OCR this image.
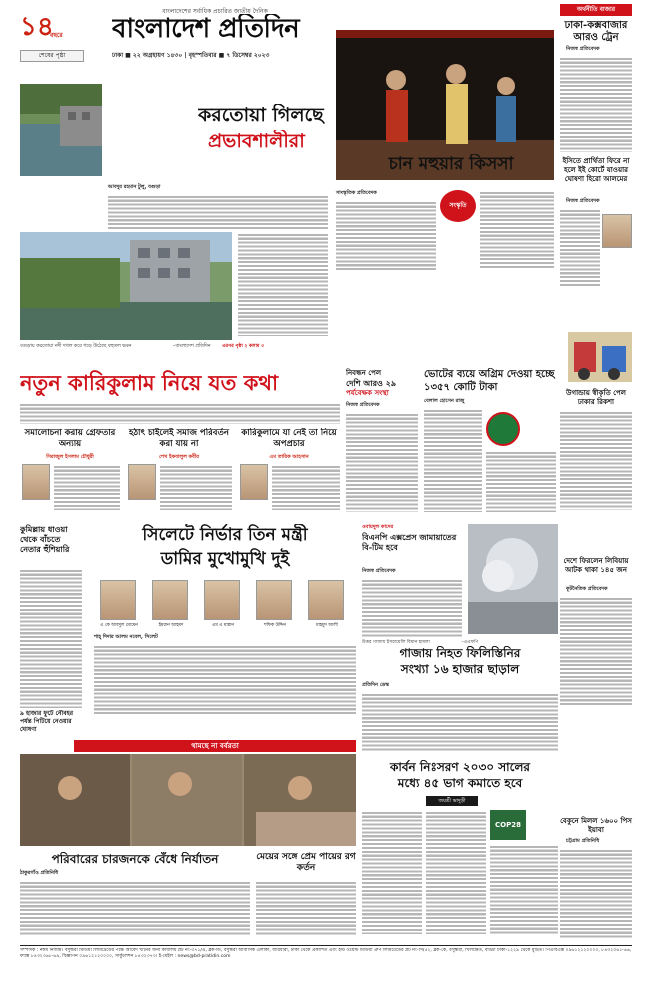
১৪
বছরে
বাংলাদেশের সর্বাধিক প্রচারিত জাতীয় দৈনিক
বাংলাদেশ প্রতিদিন
শেষের পৃষ্ঠা	ঢাকা ■ ২২ অগ্রহায়ণ ১৪৩০ | বৃহস্পতিবার ■ ৭ ডিসেম্বর ২০২৩
করতোয়া গিলছে
প্রভাবশালীরা
আবদুর রহমান টুলু, বগুড়া
বগুড়ায় করতোয়া নদী দখল করে গড়ে উঠেছে বহুতল ভবন	–বাংলাদেশ প্রতিদিন	এরপর পৃষ্ঠা ২ কলাম ৩
চান মহুয়ার কিসসা
সাংস্কৃতিক প্রতিবেদক
সংস্কৃতি
অর্থনীতি বাজার
ঢাকা-কক্সবাজার আরও ট্রেন
নিজস্ব প্রতিবেদক
ইসিতে প্রার্থিতা ফিরে না হলে ইই কোর্টে যাওয়ার ঘোষণা হিরো আলমের
নিজস্ব প্রতিবেদক
উগান্ডায় স্বীকৃতি পেল ঢাকার রিকশা
দেশে ফিরলেন লিবিয়ায় আটক থাকা ১৪৫ জন
কূটনৈতিক প্রতিবেদক
বেকুনে মিলল ১৬০০ পিস ইয়াবা
চট্টগ্রাম প্রতিনিধি
নতুন কারিকুলাম নিয়ে যত কথা
সমালোচনা করায় গ্রেফতার অন্যায়
হঠাৎ চাইলেই সমাজ পরিবর্তন করা যায় না
কারিকুলামে যা নেই তা নিয়ে অপপ্রচার
সিরাজুল ইসলাম চৌধুরী	শেখ ইকবালুল কবীর	এম তারিক আহসান
নিবন্ধন পেল
দেশি আরও ২৯
পর্যবেক্ষক সংস্থা
নিজস্ব প্রতিবেদক
ভোটের ব্যয়ে অগ্রিম দেওয়া হচ্ছে ১৩৫৭ কোটি টাকা
বেলাল হোসেন রাজু
কুমিল্লায় ধাওয়া থেকে বাঁচতে নেতার হুঁশিয়ারি
৯ হাজার ফুটে নৌবহর পর্যন্ত পিটিয়ে নেওয়ার ঘোষণা
সিলেটে নির্ভার তিন মন্ত্রী
ডামির মুখোমুখি দুই
এ কে আবদুল মোমেন	ইমরান আহমদ	এম এ মান্নান	শফিক উদ্দিন	মাহমুদ আলী
শাহ্ দিদার আলম নবেল, সিলেট
ওবায়দুল কাদের
বিএনপি এক্সপ্রেস জামায়াতের বি-টিম হবে
নিজস্ব প্রতিবেদক
উত্তর গাজায় ইসরায়েলি বিমান হামলা	–এএফপি
গাজায় নিহত ফিলিস্তিনির
সংখ্যা ১৬ হাজার ছাড়াল
প্রতিদিন ডেস্ক
থামছে না বর্বরতা
পরিবারের চারজনকে বেঁধে নির্যাতন
ঠাকুরগাঁও প্রতিনিধি
মেয়ের সঙ্গে প্রেম পায়ের রগ কর্তন
কার্বন নিঃসরণ ২০৩০ সালের
মধ্যে ৪৫ ভাগ কমাতে হবে
জয়শ্রী ভাদুড়ী
COP28
সম্পাদক : নঈম নিজাম। বসুন্ধরা মিডিয়া লিমিটেডের পক্ষে আবেদ খানের জন্য কার্যালয় প্লট নং-৩৭১/এ, ব্লক-ডি, বসুন্ধরা আবাসিক এলাকা, বারিধারা, ঢাকা থেকে প্রকাশিত এবং ইস্ট ওয়েস্ট মিডিয়া গ্রুপ লিমিটেডের প্লট নং-সি/৫২, ব্লক-কে, বসুন্ধরা, খিলক্ষেত, বাড্ডা ঢাকা-১২২৯ থেকে মুদ্রিত। পিএবিএক্স ০৯৬১২১২০০০০, ৮৪৩২৩৬১-৬৬, ফ্যাক্স ৮৪৩২৩৬৮-৬৯, বিজ্ঞাপন ০৯৬১২১২০০০০, সার্কুলেশন ৮৪৩২৩৭৩। ই-মেইল : news@bd-pratidin.com
